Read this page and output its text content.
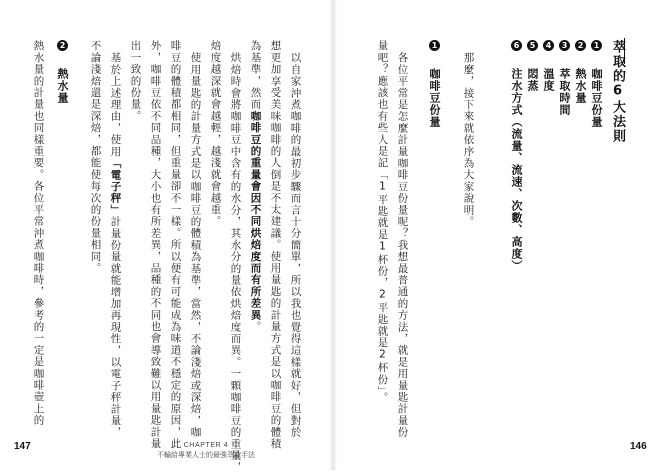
萃取的6大法則
1 咖啡豆份量
2 熱水量
3 萃取時間
4 溫度
5 悶蒸
6 注水方式（流量、流速、次數、高度）
那麼，接下來就依序為大家說明。
1 咖啡豆份量
各位平常是怎麼計量咖啡豆份量呢？我想最普通的方法，就是用量匙計量份
量吧？應該也有些人是記「1平匙就是1杯份，2平匙就是2杯份」。
146
以自家沖煮咖啡的最初步驟而言十分簡單，所以我也覺得這樣就好，但對於
想更加享受美味咖啡的人倒是不太建議。使用量匙的計量方式是以咖啡豆的體積
為基準，然而咖啡豆的重量會因不同烘焙度而有所差異。
烘焙時會將咖啡豆中含有的水分，其水分的量依烘焙度而異。一顆咖啡豆的重量，
焙度越深就會越輕，越淺就會越重。
使用量匙的計量方式是以咖啡豆的體積為基準，當然，不論淺焙或深焙，咖
啡豆的體積都相同，但重量卻不一樣。所以便有可能成為味道不穩定的原因，此
外，咖啡豆依不同品種，大小也有所差異，品種的不同也會導致難以用量匙計量
出一致的份量。
基於上述理由，使用「電子秤」計量份量就能增加再現性，以電子秤計量，
不論淺焙還是深焙，都能使每次的份量相同。
2 熱水量
熱水量的計量也同樣重要。各位平常沖煮咖啡時，參考的一定是咖啡壺上的
147	CHAPTER 4
不輸給專業人士的最強萃取手法
